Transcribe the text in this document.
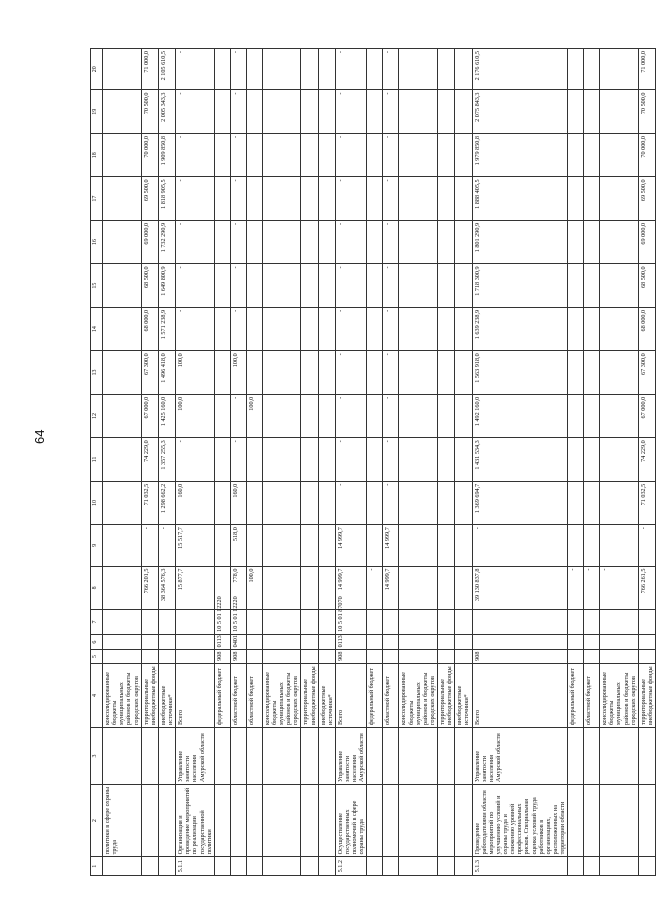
64
1	2	3	4	5	6	7	8	9	10	11	12	13	14	15	16	17	18	19	20
	политики в сфере охраны труда		консолидированные бюджеты муниципальных районов и бюджеты городских округов																
			территориальные внебюджетные фонды				766 201,5	-	71 032,5	74 229,0	67 000,0	67 300,0	68 000,0	68 500,0	69 000,0	69 500,0	70 000,0	70 500,0	71 000,0
			внебюджетные источники*				38 364 576,3	-	1 298 662,2	1 357 255,3	1 425 160,0	1 496 418,0	1 571 238,9	1 649 800,9	1 732 290,9	1 818 905,5	1 909 850,8	2 005 343,3	2 105 610,5
5.1.1	Организация и проведение мероприятий по реализации государственной политики	Управление занятости населения Амурской области	Всего				15 877,7	15 517,7	160,0	-	100,0	100,0	-	-	-	-	-	-	-
			федеральный бюджет	908	0113	10 5 01 12220													
			областной бюджет	908	0401	10 5 01 12220	778,0	518,0	160,0	-	-	100,0	-	-	-	-	-	-	-
			областной бюджет				100,0				100,0								
			консолидированные бюджеты муниципальных районов и бюджеты городских округов																
			территориальные внебюджетные фонды																
			внебюджетные источники*																
5.1.2	Осуществление государственных полномочий в сфере охраны труда	Управление занятости населения Амурской области	Всего	908	0113	10 5 01 87070	14 999,7	14 999,7	-	-	-	-	-	-	-	-	-	-	-
			федеральный бюджет				-												
			областной бюджет				14 999,7	14 999,7	-	-	-	-	-	-	-	-	-	-	-
			консолидированные бюджеты муниципальных районов и бюджеты городских округов																
			территориальные внебюджетные фонды																
			внебюджетные источники*																
5.1.3	Проведение работодателями области мероприятий по улучшению условий и охраны труда и снижению уровней профессиональных рисков. Специальная оценка условий труда работников в организациях, расположенных на территории области	Управление занятости населения Амурской области	Всего	908			39 130 837,8	-	1 369 694,7	1 431 534,3	1 492 160,0	1 563 918,0	1 639 238,9	1 718 300,9	1 801 290,9	1 888 405,5	1 979 850,8	2 075 843,3	2 176 610,5
			федеральный бюджет				-												
			областной бюджет				-												
			консолидированные бюджеты муниципальных районов и бюджеты городских округов				-												
			территориальные внебюджетные фонды				766 261,5	-	71 032,5	74 229,0	67 000,0	67 300,0	68 000,0	68 500,0	69 000,0	69 500,0	70 000,0	70 500,0	71 000,0
